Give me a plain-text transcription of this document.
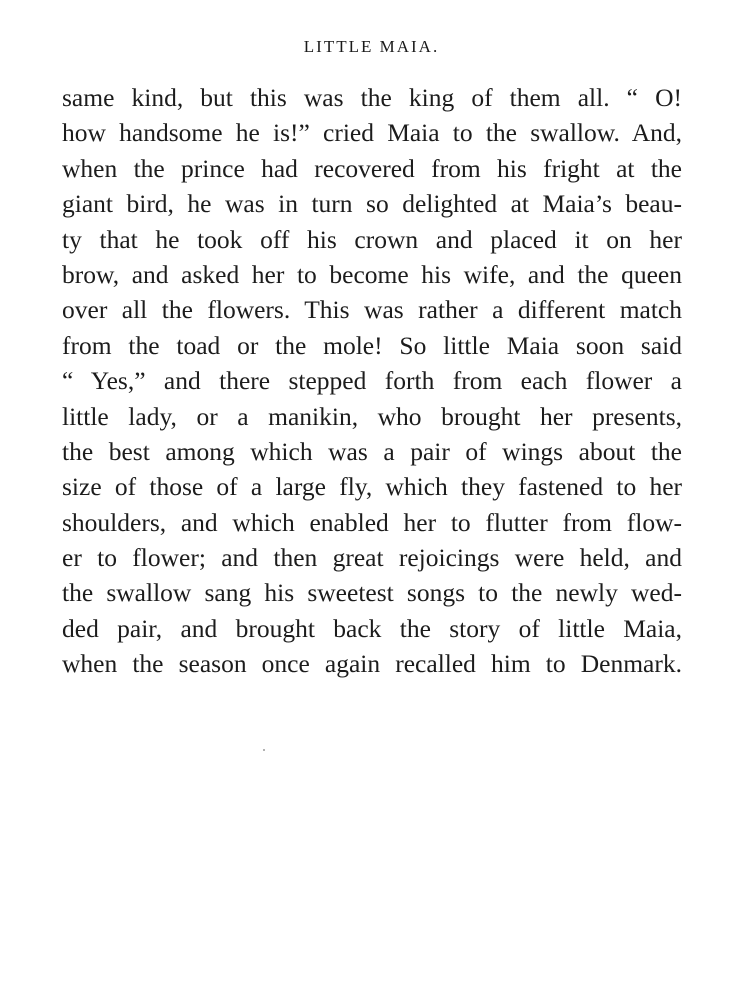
LITTLE MAIA.
same kind, but this was the king of them all. “ O!
how handsome he is!” cried Maia to the swallow. And,
when the prince had recovered from his fright at the
giant bird, he was in turn so delighted at Maia’s beau-
ty that he took off his crown and placed it on her
brow, and asked her to become his wife, and the queen
over all the flowers. This was rather a different match
from the toad or the mole! So little Maia soon said
“ Yes,” and there stepped forth from each flower a
little lady, or a manikin, who brought her presents,
the best among which was a pair of wings about the
size of those of a large fly, which they fastened to her
shoulders, and which enabled her to flutter from flow-
er to flower; and then great rejoicings were held, and
the swallow sang his sweetest songs to the newly wed-
ded pair, and brought back the story of little Maia,
when the season once again recalled him to Denmark.
